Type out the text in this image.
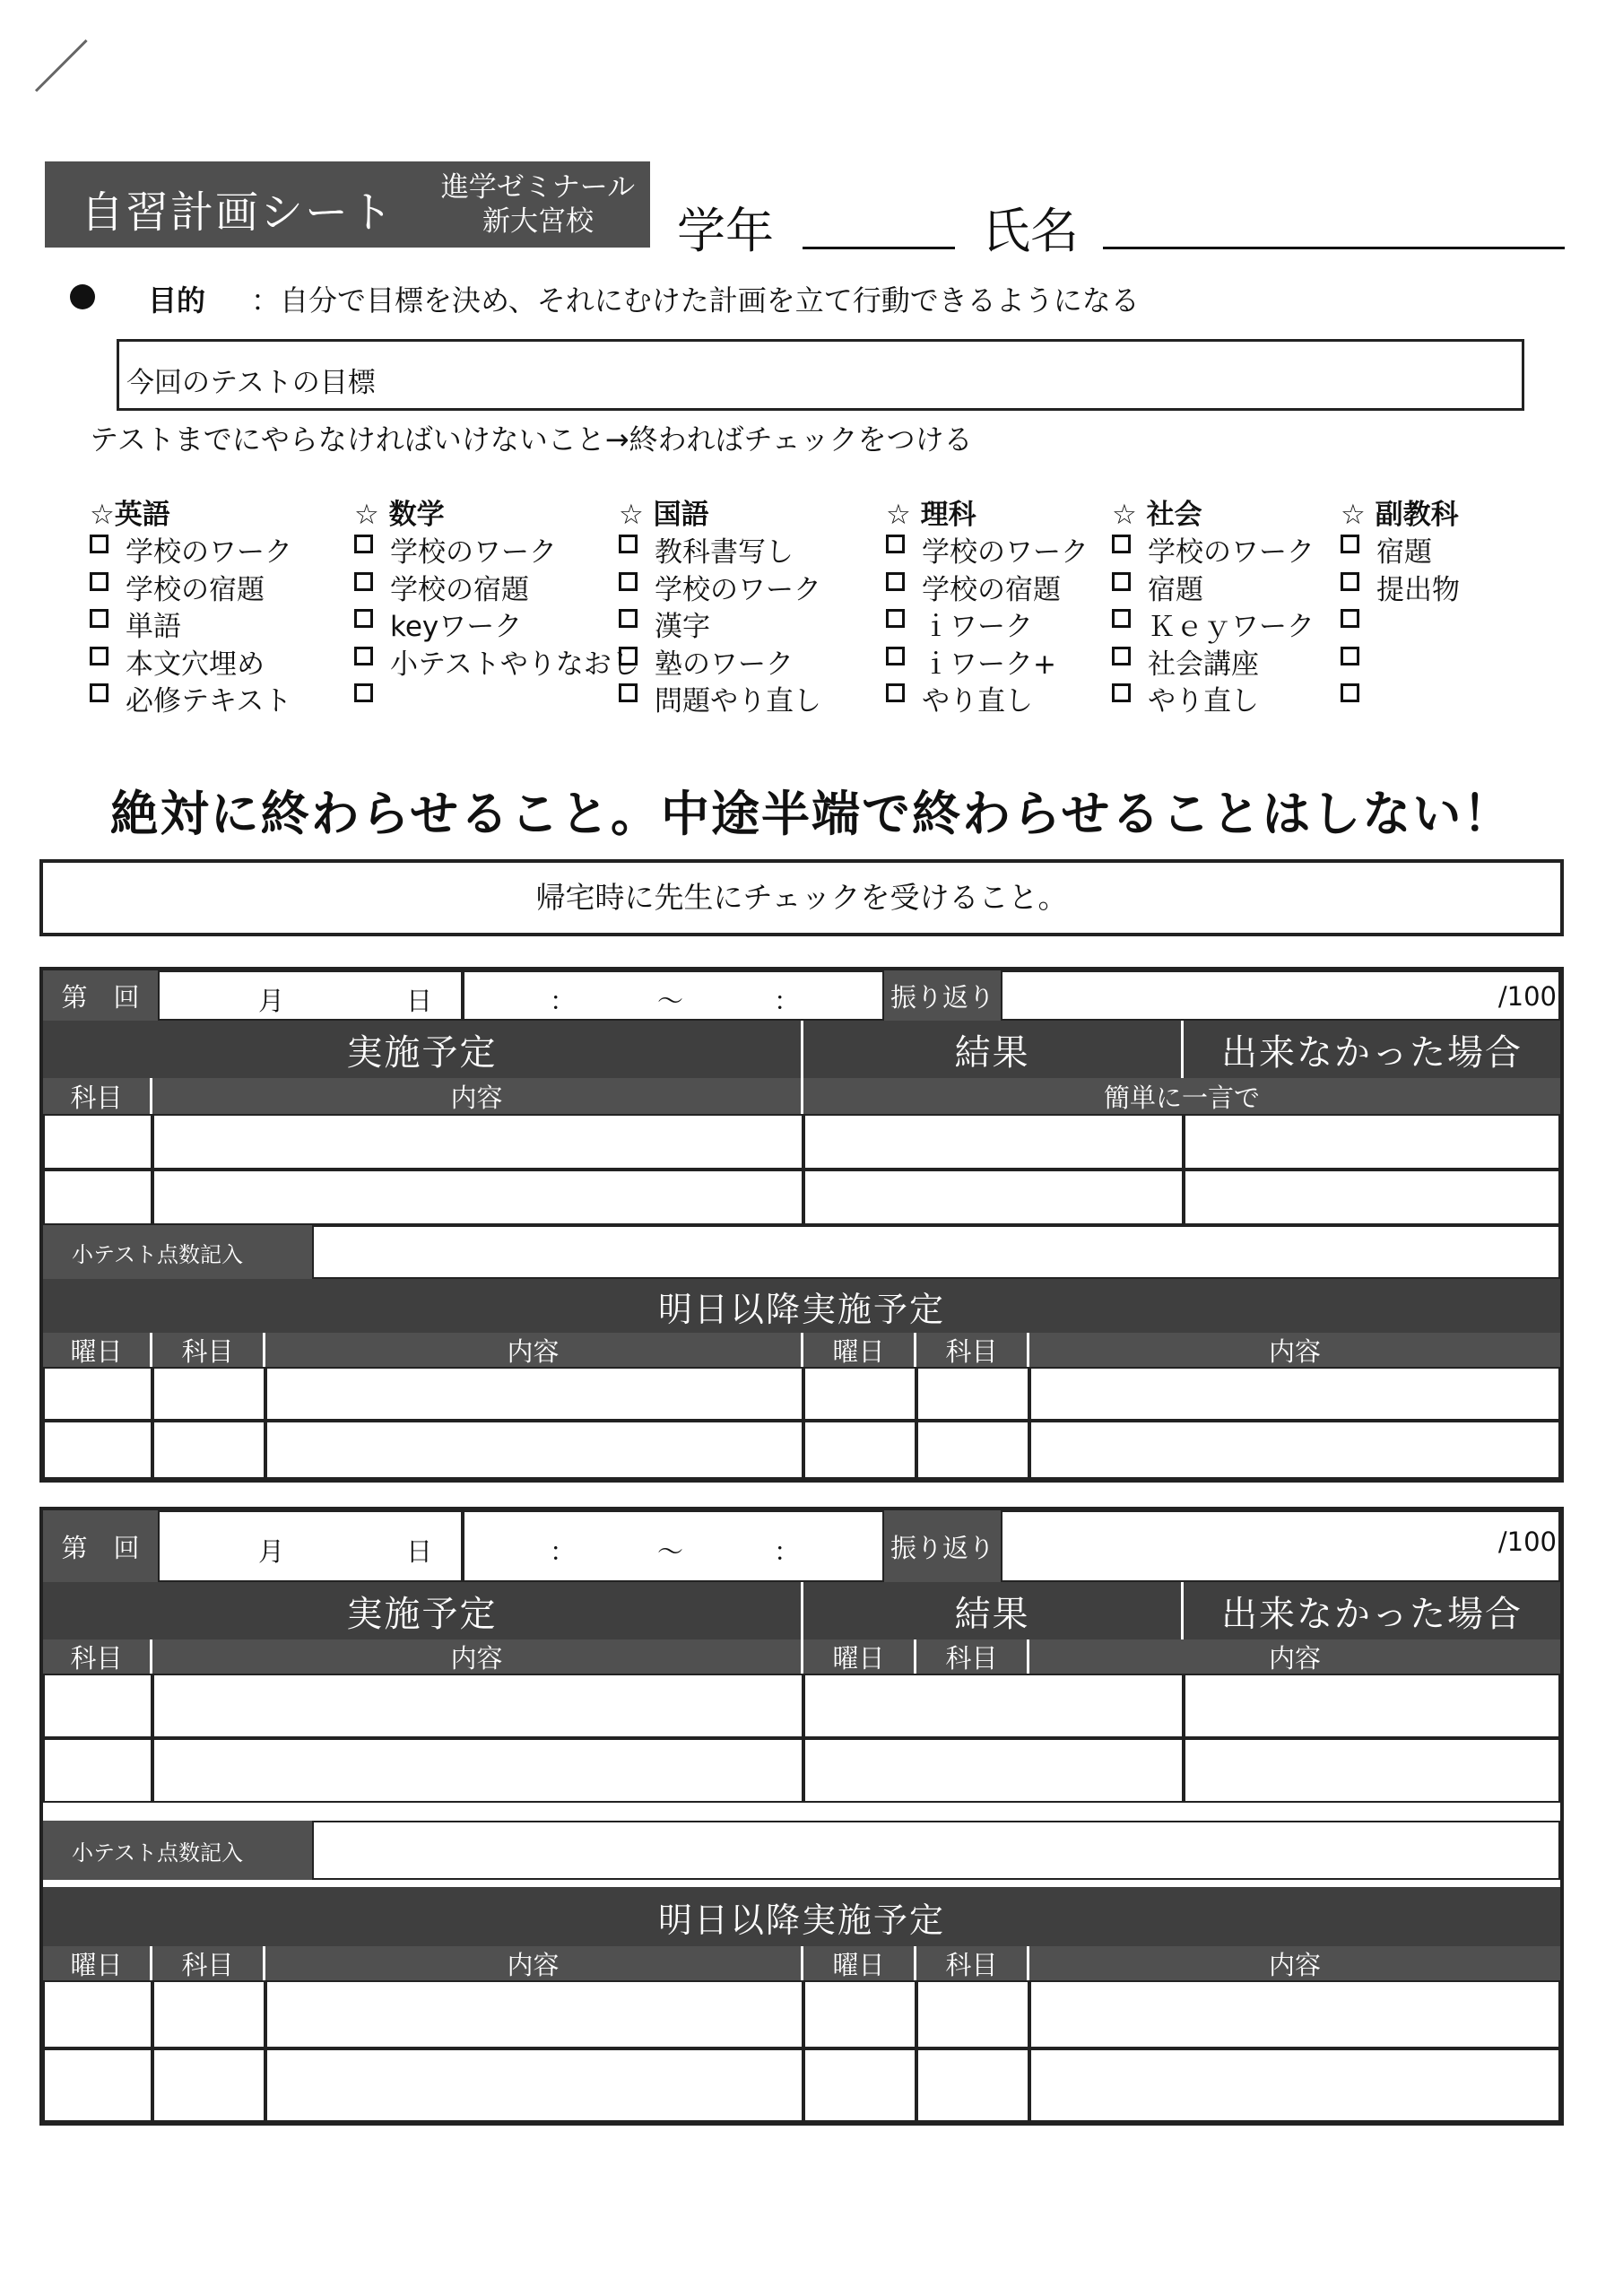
自習計画シート	進学ゼミナール
新大宮校	学年	氏名
目的 ：自分で目標を決め、それにむけた計画を立て行動できるようになる
今回のテストの目標
テストまでにやらなければいけないこと→終わればチェックをつける
☆英語
学校のワーク
学校の宿題
単語
本文穴埋め
必修テキスト
☆ 数学
学校のワーク
学校の宿題
keyワーク
小テストやりなおし
☆ 国語
教科書写し
学校のワーク
漢字
塾のワーク
問題やり直し
☆ 理科
学校のワーク
学校の宿題
ｉワーク
ｉワーク+
やり直し
☆ 社会
学校のワーク
宿題
Ｋｅｙワーク
社会講座
やり直し
☆ 副教科
宿題
提出物
絶対に終わらせること。中途半端で終わらせることはしない！
帰宅時に先生にチェックを受けること。
第　回	月	日	：	～	：	振り返り	/100
実施予定	結果	出来なかった場合
科目	内容	簡単に一言で
小テスト点数記入
明日以降実施予定
曜日	科目	内容	曜日	科目	内容
第　回	月	日	：	～	：	振り返り	/100
実施予定	結果	出来なかった場合
科目	内容	曜日	科目	内容
小テスト点数記入
明日以降実施予定
曜日	科目	内容	曜日	科目	内容
